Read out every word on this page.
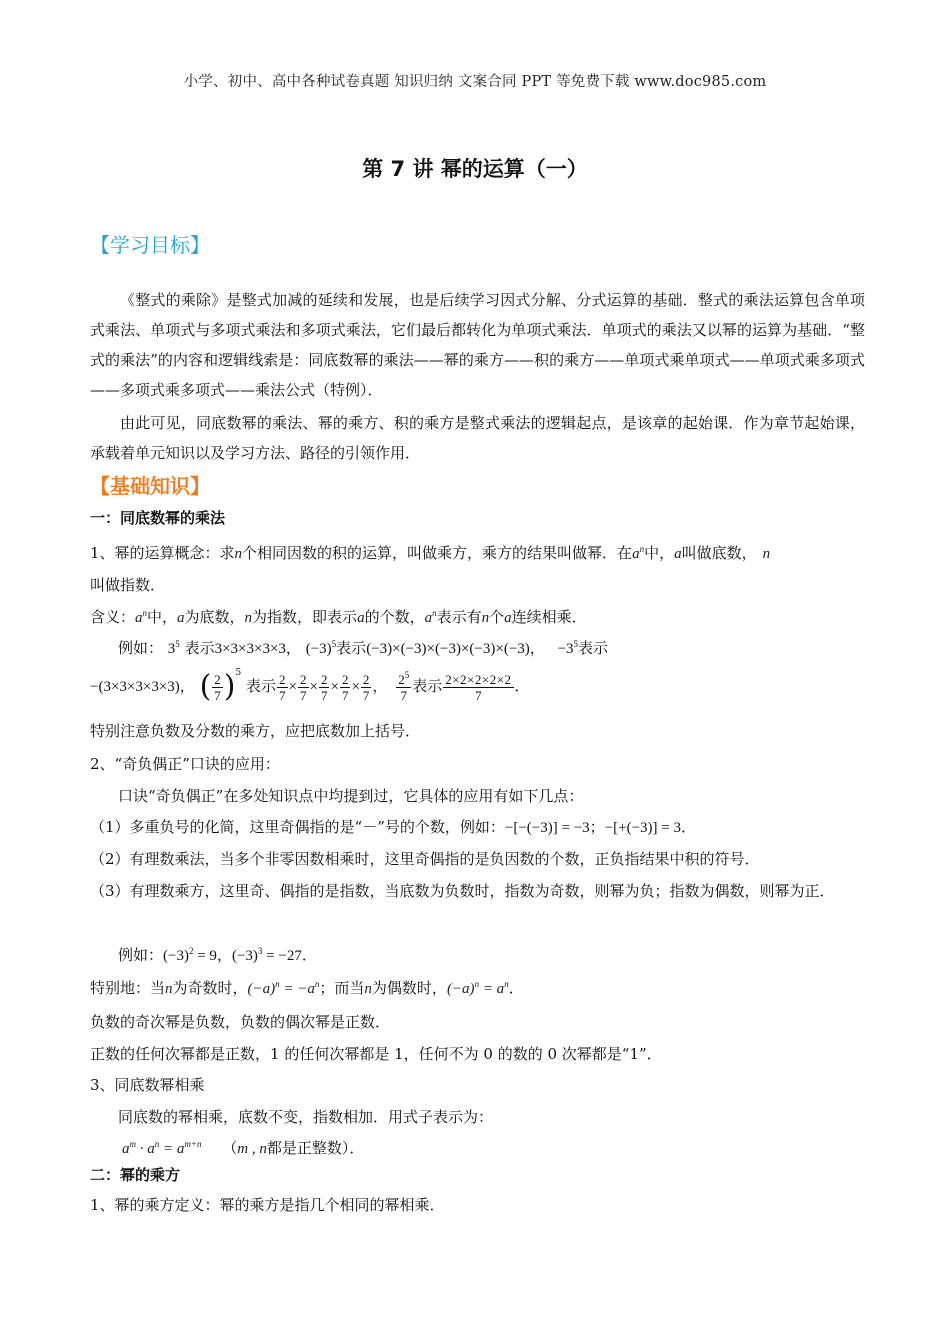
小学、初中、高中各种试卷真题 知识归纳 文案合同 PPT 等免费下载 www.doc985.com
第 7 讲 幂的运算（一）
【学习目标】
《整式的乘除》是整式加减的延续和发展，也是后续学习因式分解、分式运算的基础．整式的乘法运算包含单项式乘法、单项式与多项式乘法和多项式乘法，它们最后都转化为单项式乘法．单项式的乘法又以幂的运算为基础．“整式的乘法”的内容和逻辑线索是：同底数幂的乘法——幂的乘方——积的乘方——单项式乘单项式——单项式乘多项式——多项式乘多项式——乘法公式（特例）．
由此可见，同底数幂的乘法、幂的乘方、积的乘方是整式乘法的逻辑起点，是该章的起始课．作为章节起始课，承载着单元知识以及学习方法、路径的引领作用．
【基础知识】
一：同底数幂的乘法
1、幂的运算概念：求n个相同因数的积的运算，叫做乘方，乘方的结果叫做幂．在$a^n$中，a叫做底数， n
叫做指数．
含义：$a^n$中，a为底数，n为指数，即表示a的个数，$a^n$表示有n个a连续相乘．
例如： $3^5$ 表示3×3×3×3×3， $(-3)^5$表示(−3)×(−3)×(−3)×(−3)×(−3)， $-3^5$表示
−(3×3×3×3×3)， ( $\frac{2}{7} )^5$ 表示 $\frac{2}{7} \times \frac{2}{7} \times \frac{2}{7} \times \frac{2}{7} \times \frac{2}{7}$ ， $\frac{2^5}{7}$ 表示 $\frac{2\times 2\times 2\times 2\times 2}{7}$ ．
特别注意负数及分数的乘方，应把底数加上括号．
2、“奇负偶正”口诀的应用：
口诀“奇负偶正”在多处知识点中均提到过，它具体的应用有如下几点：
（1）多重负号的化简，这里奇偶指的是“－”号的个数，例如：−[−(−3)] = −3；−[+(−3)] = 3．
（2）有理数乘法，当多个非零因数相乘时，这里奇偶指的是负因数的个数，正负指结果中积的符号．
（3）有理数乘方，这里奇、偶指的是指数，当底数为负数时，指数为奇数，则幂为负；指数为偶数，则幂为正．
例如：$(-3)^2 = 9$，$(-3)^3 = -27$．
特别地：当n为奇数时，$(-a)^n = -a^n$；而当n为偶数时，$(-a)^n = a^n$．
负数的奇次幂是负数，负数的偶次幂是正数．
正数的任何次幂都是正数，1 的任何次幂都是 1，任何不为 0 的数的 0 次幂都是“1”．
3、同底数幂相乘
同底数的幂相乘，底数不变，指数相加．用式子表示为：
$a^m \cdot a^n = a^{m+n}$ （m , n都是正整数）．
二：幂的乘方
1、幂的乘方定义：幂的乘方是指几个相同的幂相乘．
